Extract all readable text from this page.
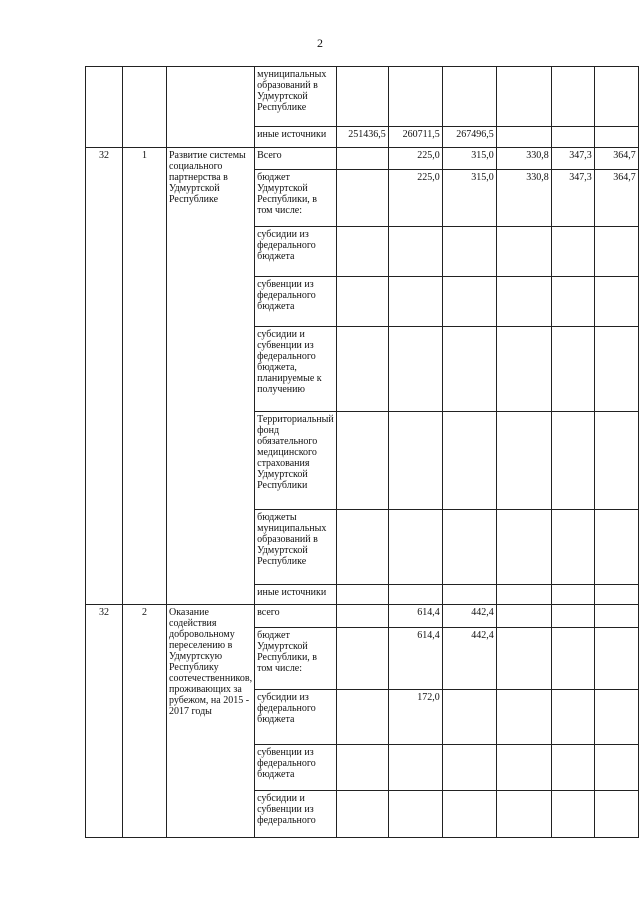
2
			муниципальных образований в Удмуртской Республике						
			иные источники	251436,5	260711,5	267496,5			
32	1	Развитие системы социального партнерства в Удмуртской Республике	Всего		225,0	315,0	330,8	347,3	364,7
			бюджет Удмуртской Республики, в том числе:		225,0	315,0	330,8	347,3	364,7
			субсидии из федерального бюджета						
			субвенции из федерального бюджета						
			субсидии и субвенции из федерального бюджета, планируемые к получению						
			Территориальный фонд обязательного медицинского страхования Удмуртской Республики						
			бюджеты муниципальных образований в Удмуртской Республике						
			иные источники						
32	2	Оказание содействия добровольному переселению в Удмуртскую Республику соотечественников, проживающих за рубежом, на 2015 - 2017 годы	всего		614,4	442,4			
			бюджет Удмуртской Республики, в том числе:		614,4	442,4			
			субсидии из федерального бюджета		172,0				
			субвенции из федерального бюджета						
			субсидии и субвенции из федерального						
